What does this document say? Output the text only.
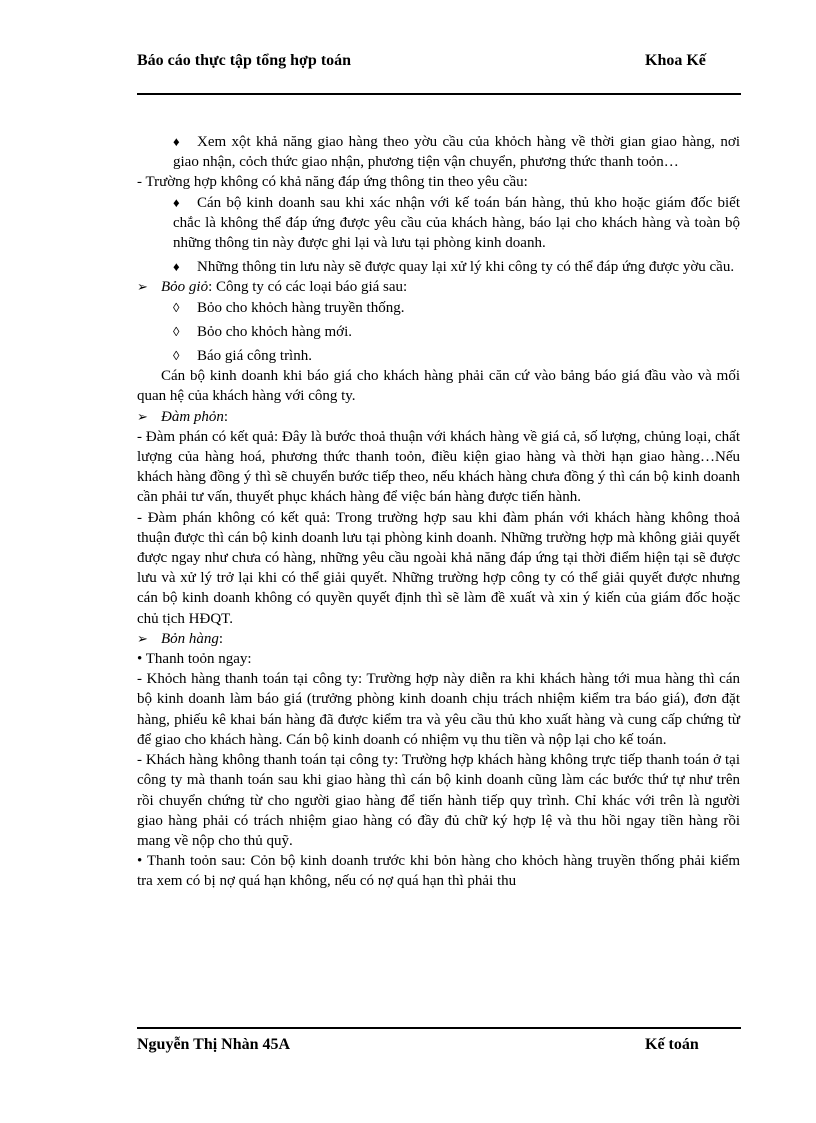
Báo cáo thực tập tổng hợp toán	Khoa Kế

♦ Xem xột khả năng giao hàng theo yờu cầu của khỏch hàng về thời gian giao hàng, nơi giao nhận, cỏch thức giao nhận, phương tiện vận chuyển, phương thức thanh toỏn…

- Trường hợp không có khả năng đáp ứng thông tin theo yêu cầu:

♦ Cán bộ kinh doanh sau khi xác nhận với kế toán bán hàng, thủ kho hoặc giám đốc biết chắc là không thể đáp ứng được yêu cầu của khách hàng, báo lại cho khách hàng và toàn bộ những thông tin này được ghi lại và lưu tại phòng kinh doanh.

♦ Những thông tin lưu này sẽ được quay lại xử lý khi công ty có thể đáp ứng được yờu cầu.

➢ Bỏo giỏ: Công ty có các loại báo giá sau:

◊ Bỏo cho khỏch hàng truyền thống.

◊ Bỏo cho khỏch hàng mới.

◊ Báo giá công trình.

Cán bộ kinh doanh khi báo giá cho khách hàng phải căn cứ vào bảng báo giá đầu vào và mối quan hệ của khách hàng với công ty.

➢ Đàm phỏn:

- Đàm phán có kết quả: Đây là bước thoả thuận với khách hàng về giá cả, số lượng, chủng loại, chất lượng của hàng hoá, phương thức thanh toỏn, điều kiện giao hàng và thời hạn giao hàng…Nếu khách hàng đồng ý thì sẽ chuyển bước tiếp theo, nếu khách hàng chưa đồng ý thì cán bộ kinh doanh cần phải tư vấn, thuyết phục khách hàng để việc bán hàng được tiến hành.

- Đàm phán không có kết quả: Trong trường hợp sau khi đàm phán với khách hàng không thoả thuận được thì cán bộ kinh doanh lưu tại phòng kinh doanh. Những trường hợp mà không giải quyết được ngay như chưa có hàng, những yêu cầu ngoài khả năng đáp ứng tại thời điểm hiện tại sẽ được lưu và xử lý trở lại khi có thể giải quyết. Những trường hợp công ty có thể giải quyết được nhưng cán bộ kinh doanh không có quyền quyết định thì sẽ làm đề xuất và xin ý kiến của giám đốc hoặc chủ tịch HĐQT.

➢ Bỏn hàng:

• Thanh toỏn ngay:

- Khỏch hàng thanh toán tại công ty: Trường hợp này diễn ra khi khách hàng tới mua hàng thì cán bộ kinh doanh làm báo giá (trưởng phòng kinh doanh chịu trách nhiệm kiểm tra báo giá), đơn đặt hàng, phiếu kê khai bán hàng đã được kiểm tra và yêu cầu thủ kho xuất hàng và cung cấp chứng từ để giao cho khách hàng. Cán bộ kinh doanh có nhiệm vụ thu tiền và nộp lại cho kế toán.

- Khách hàng không thanh toán tại công ty: Trường hợp khách hàng không trực tiếp thanh toán ở tại công ty mà thanh toán sau khi giao hàng thì cán bộ kinh doanh cũng làm các bước thứ tự như trên rồi chuyển chứng từ cho người giao hàng để tiến hành tiếp quy trình. Chỉ khác với trên là người giao hàng phải có trách nhiệm giao hàng có đầy đủ chữ ký hợp lệ và thu hồi ngay tiền hàng rồi mang về nộp cho thủ quỹ.

• Thanh toỏn sau: Cỏn bộ kinh doanh trước khi bỏn hàng cho khỏch hàng truyền thống phải kiểm tra xem có bị nợ quá hạn không, nếu có nợ quá hạn thì phải thu

Nguyễn Thị Nhàn 45A	Kế toán
